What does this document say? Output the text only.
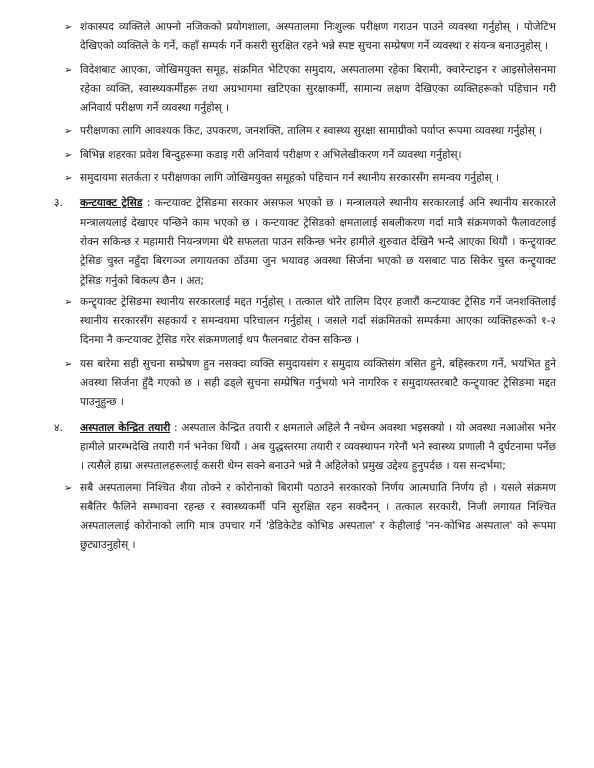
➢ शंकास्पद व्यक्तिले आफ्नो नजिकको प्रयोगशाला, अस्पतालमा निःशुल्क परीक्षण गराउन पाउने व्यवस्था गर्नुहोस् । पोजेटिभ देखिएको व्यक्तिले के गर्ने, कहाँ सम्पर्क गर्ने कसरी सुरक्षित रहने भन्ने स्पष्ट सुचना सम्प्रेषण गर्ने व्यवस्था र संयन्त्र बनाउनुहोस् ।

➢ विदेशबाट आएका, जोखिमयुक्त समूह, संक्रमित भेटिएका समुदाय, अस्पतालमा रहेका बिरामी, क्वारेन्टाइन र आइसोलेसनमा रहेका व्यक्ति, स्वास्थ्यकर्मीहरू तथा अग्रभागमा खटिएका सुरक्षाकर्मी, सामान्य लक्षण देखिएका व्यक्तिहरूको पहिचान गरी अनिवार्य परीक्षण गर्ने व्यवस्था गर्नुहोस् ।

➢ परीक्षणका लागि आवश्यक किट, उपकरण, जनशक्ति, तालिम र स्वास्थ्य सुरक्षा सामाग्रीको पर्याप्त रूपमा व्यवस्था गर्नुहोस् ।

➢ बिभिन्न शहरका प्रवेश बिन्दुहरूमा कडाइ गरी अनिवार्य परीक्षण र अभिलेखीकरण गर्ने व्यवस्था गर्नुहोस्।

➢ समुदायमा सतर्कता र परीक्षणका लागि जोखिमयुक्त समूहको पहिचान गर्न स्थानीय सरकारसँग समन्वय गर्नुहोस् ।

३. कन्टयाक्ट ट्रेसिड : कन्टयाक्ट ट्रेसिङमा सरकार असफल भएको छ । मन्त्रालयले स्थानीय सरकारलाई अनि स्थानीय सरकारले मन्त्रालयलाई देखाएर पन्छिने काम भएको छ । कन्टयाक्ट ट्रेसिडको क्षमतालाई सबलीकरण गर्दा मात्रै संक्रमणको फैलावटलाई रोक्न सकिन्छ र महामारी नियन्त्रणमा धेरै सफलता पाउन सकिन्छ भनेर हामीले शुरुवात देखिनै भन्दै आएका थियौं । कन्ट्र्याक्ट ट्रेसिङ चुस्त नहुँदा बिरगञ्ज लगायतका ठाँउमा जुन भयावह अवस्था सिर्जना भएको छ यसबाट पाठ सिकेर चुस्त कन्ट्र्याक्ट ट्रेसिङ गर्नुको बिकल्प छैन । अत;

➢ कन्ट्र्याक्ट ट्रेसिङमा स्थानीय सरकारलाई मद्दत गर्नुहोस् । तत्काल थोरै तालिम दिएर हजारौं कन्टयाक्ट ट्रेसिड गर्ने जनशक्तिलाई स्थानीय सरकारसँग सहकार्य र समन्वयमा परिचालन गर्नुहोस् । जसले गर्दा संक्रमितको सम्पर्कमा आएका व्यक्तिहरूको १-२ दिनमा नै कन्टयाक्ट ट्रेसिड गरेर संक्रमणलाई थप फैलनबाट रोक्न सकिन्छ ।

➢ यस बारेमा सही सुचना सम्प्रेषण हुन नसक्दा व्यक्ति समुदायसंग र समुदाय व्यक्तिसंग त्रसित हुने, बहिस्करण गर्ने, भयभित हुने अवस्था सिर्जना हुँदै गएको छ । सही ढड्ले सुचना सम्प्रेषित गर्नुभयो भने नागरिक र समुदायस्तरबाटै कन्ट्र्याक्ट ट्रेसिङमा मद्दत पाउनुहुन्छ ।

४. अस्पताल केन्द्रित तयारी : अस्पताल केन्द्रित तयारी र क्षमताले अहिले नै नधेग्न अवस्था भइसक्यो । यो अवस्था नआओस भनेर हामीले प्रारम्भदेखि तयारी गर्न भनेका थियौं । अब युद्धस्तरमा तयारी र व्यवस्थापन गरेनौं भने स्वास्थ्य प्रणाली नै दुर्घटनामा पर्नेछ । त्यसैले हाम्रा अस्पतालहरूलाई कसरी थेग्न सक्ने बनाउने भन्ने नै अहिलेको प्रमुख उद्देश्य हुनुपर्दछ । यस सन्दर्भमा;

➢ सबै अस्पतालमा निश्चित शैया तोक्ने र कोरोनाको बिरामी पठाउने सरकारको निर्णय आत्मघाति निर्णय हो । यसले संक्रमण सबैतिर फैलिने सम्भावना रहन्छ र स्वास्थ्यकर्मी पनि सुरक्षित रहन सक्दैनन् । तत्काल सरकारी, निजी लगायत निश्चित अस्पताललाई कोरोनाको लागि मात्र उपचार गर्ने 'डेडिकेटेड कोभिड अस्पताल' र केहीलाई 'नन-कोभिड अस्पताल' को रूपमा छुट्याउनुहोस् ।
